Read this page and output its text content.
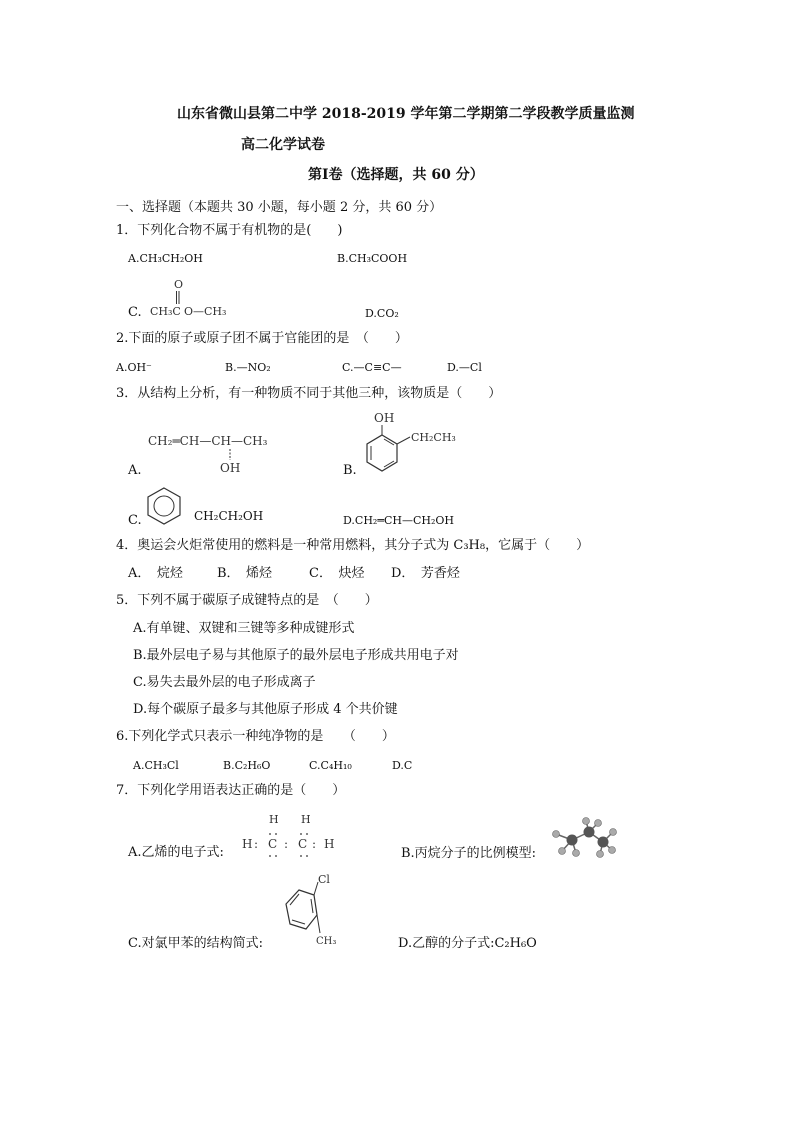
山东省微山县第二中学 2018-2019 学年第二学期第二学段教学质量监测
高二化学试卷
第Ⅰ卷（选择题，共 60 分）
一、选择题（本题共 30 小题，每小题 2 分，共 60 分）
1．下列化合物不属于有机物的是(　　)
A.CH₃CH₂OH	B.CH₃COOH
C.
O
CH₃C O—CH₃	D.CO₂
2.下面的原子或原子团不属于官能团的是　（　　）
A.OH⁻	B.—NO₂	C.—C≡C—	D.—Cl
3．从结构上分析，有一种物质不同于其他三种，该物质是（　　）
CH₂═CH—CH—CH₃
OH
A.
OH
CH₂CH₃
B.
C.	CH₂CH₂OH	D.CH₂═CH—CH₂OH
4．奥运会火炬常使用的燃料是一种常用燃料，其分子式为 C₃H₈，它属于（　　）
A．　烷烃	B．　烯烃	C．　炔烃 D．　芳香烃
5．下列不属于碳原子成键特点的是　（　　）
A.有单键、双键和三键等多种成键形式
B.最外层电子易与其他原子的最外层电子形成共用电子对
C.易失去最外层的电子形成离子
D.每个碳原子最多与其他原子形成 4 个共价键
6.下列化学式只表示一种纯净物的是　　（　　）
A.CH₃Cl	B.C₂H₆O	C.C₄H₁₀	D.C
7．下列化学用语表达正确的是（　　）
A.乙烯的电子式:
H H
H : C : C : H
B.丙烷分子的比例模型:
C.对氯甲苯的结构简式:
Cl
CH₃	D.乙醇的分子式:C₂H₆O
